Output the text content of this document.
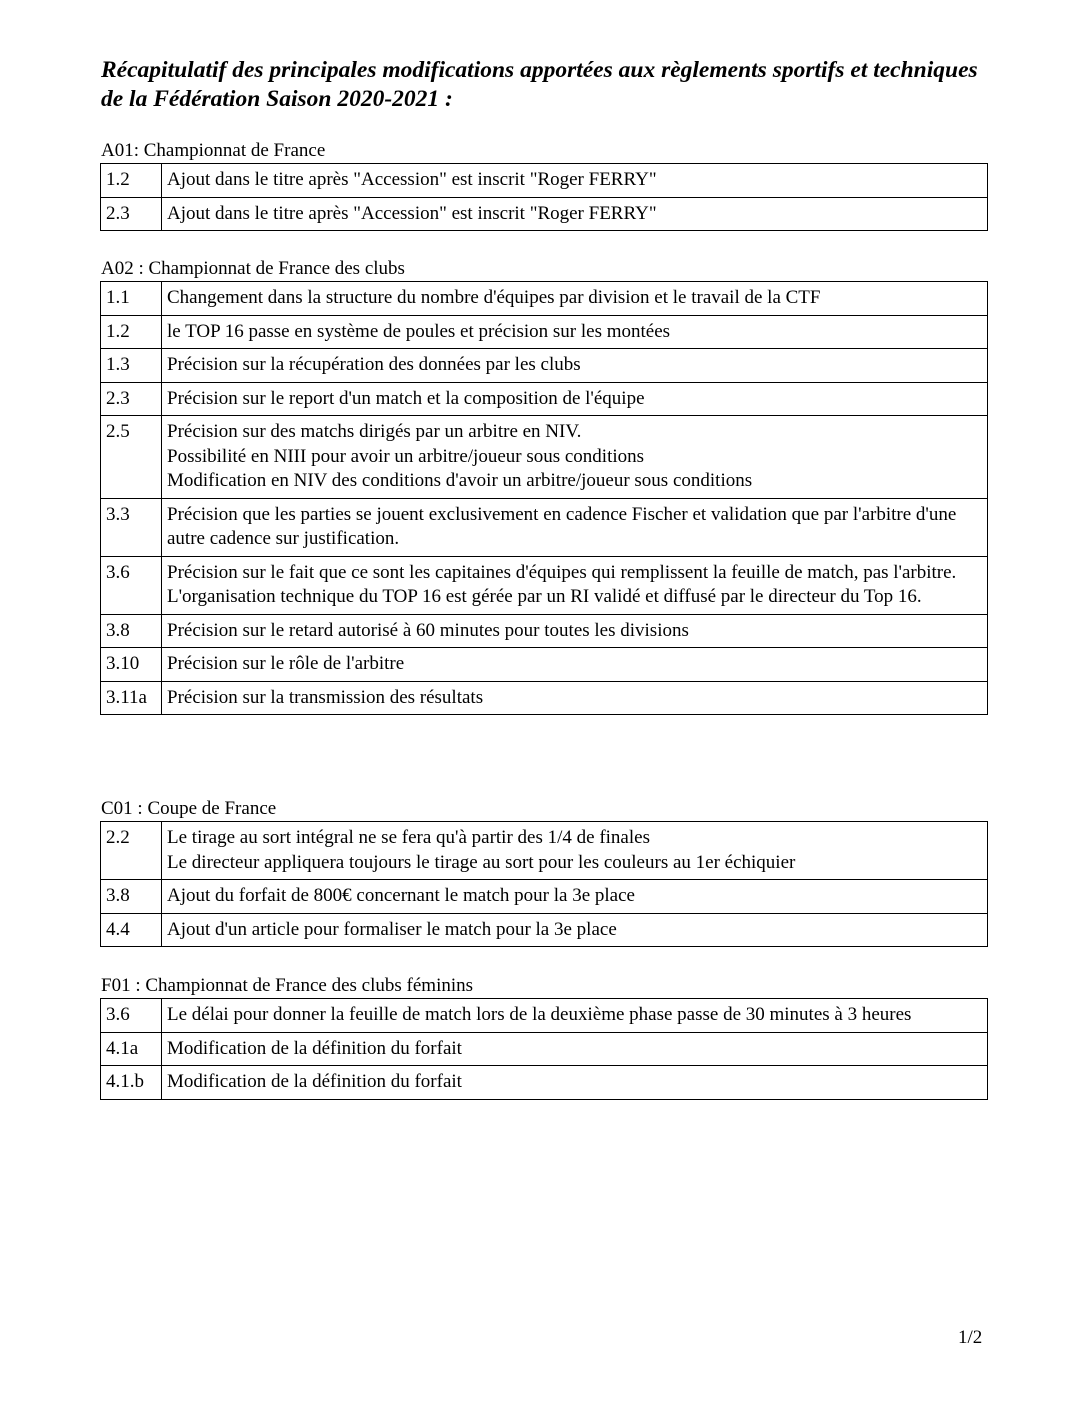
Récapitulatif des principales modifications apportées aux règlements sportifs et techniques de la Fédération Saison 2020-2021 :

A01: Championnat de France

1.2	Ajout dans le titre après "Accession" est inscrit "Roger FERRY"

2.3	Ajout dans le titre après "Accession" est inscrit "Roger FERRY"

A02 : Championnat de France des clubs

1.1	Changement dans la structure du nombre d'équipes par division et le travail de la CTF

1.2	le TOP 16 passe en système de poules et précision sur les montées

1.3	Précision sur la récupération des données par les clubs

2.3	Précision sur le report d'un match et la composition de l'équipe

2.5	Précision sur des matchs dirigés par un arbitre en NIV.
Possibilité en NIII pour avoir un arbitre/joueur sous conditions
Modification en NIV des conditions d'avoir un arbitre/joueur sous conditions

3.3	Précision que les parties se jouent exclusivement en cadence Fischer et validation que par l'arbitre d'une autre cadence sur justification.

3.6	Précision sur le fait que ce sont les capitaines d'équipes qui remplissent la feuille de match, pas l'arbitre.
L'organisation technique du TOP 16 est gérée par un RI validé et diffusé par le directeur du Top 16.

3.8	Précision sur le retard autorisé à 60 minutes pour toutes les divisions

3.10	Précision sur le rôle de l'arbitre

3.11a	Précision sur la transmission des résultats

C01 : Coupe de France

2.2	Le tirage au sort intégral ne se fera qu'à partir des 1/4 de finales
Le directeur appliquera toujours le tirage au sort pour les couleurs au 1er échiquier

3.8	Ajout du forfait de 800€ concernant le match pour la 3e place

4.4	Ajout d'un article pour formaliser le match pour la 3e place

F01 : Championnat de France des clubs féminins

3.6	Le délai pour donner la feuille de match lors de la deuxième phase passe de 30 minutes à 3 heures

4.1a	Modification de la définition du forfait

4.1.b	Modification de la définition du forfait
1/2
